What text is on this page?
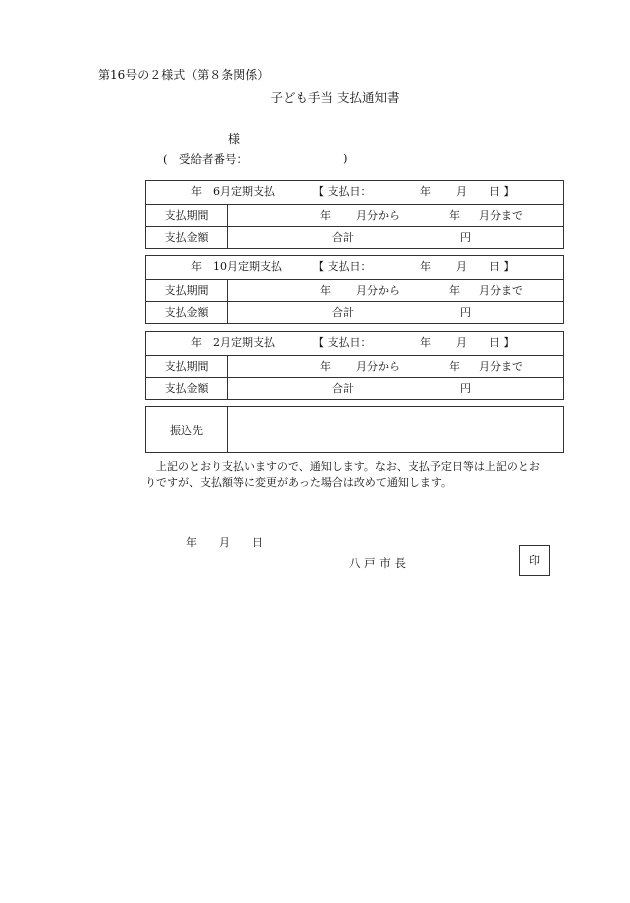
第16号の２様式（第８条関係）
子ども手当 支払通知書
様
(　受給者番号：	)
年　6月定期支払	【 支払日：	年 月 日 】
支払期間	年 月分から	年 月分まで
支払金額	合計	円
年　10月定期支払	【 支払日：	年 月 日 】
支払期間	年 月分から	年 月分まで
支払金額	合計	円
年　2月定期支払	【 支払日：	年 月 日 】
支払期間	年 月分から	年 月分まで
支払金額	合計	円
振込先

　上記のとおり支払いますので、通知します。なお、支払予定日等は上記のとお

りですが、支払額等に変更があった場合は改めて通知します。

年　　月　　日
八 戸 市 長	印
